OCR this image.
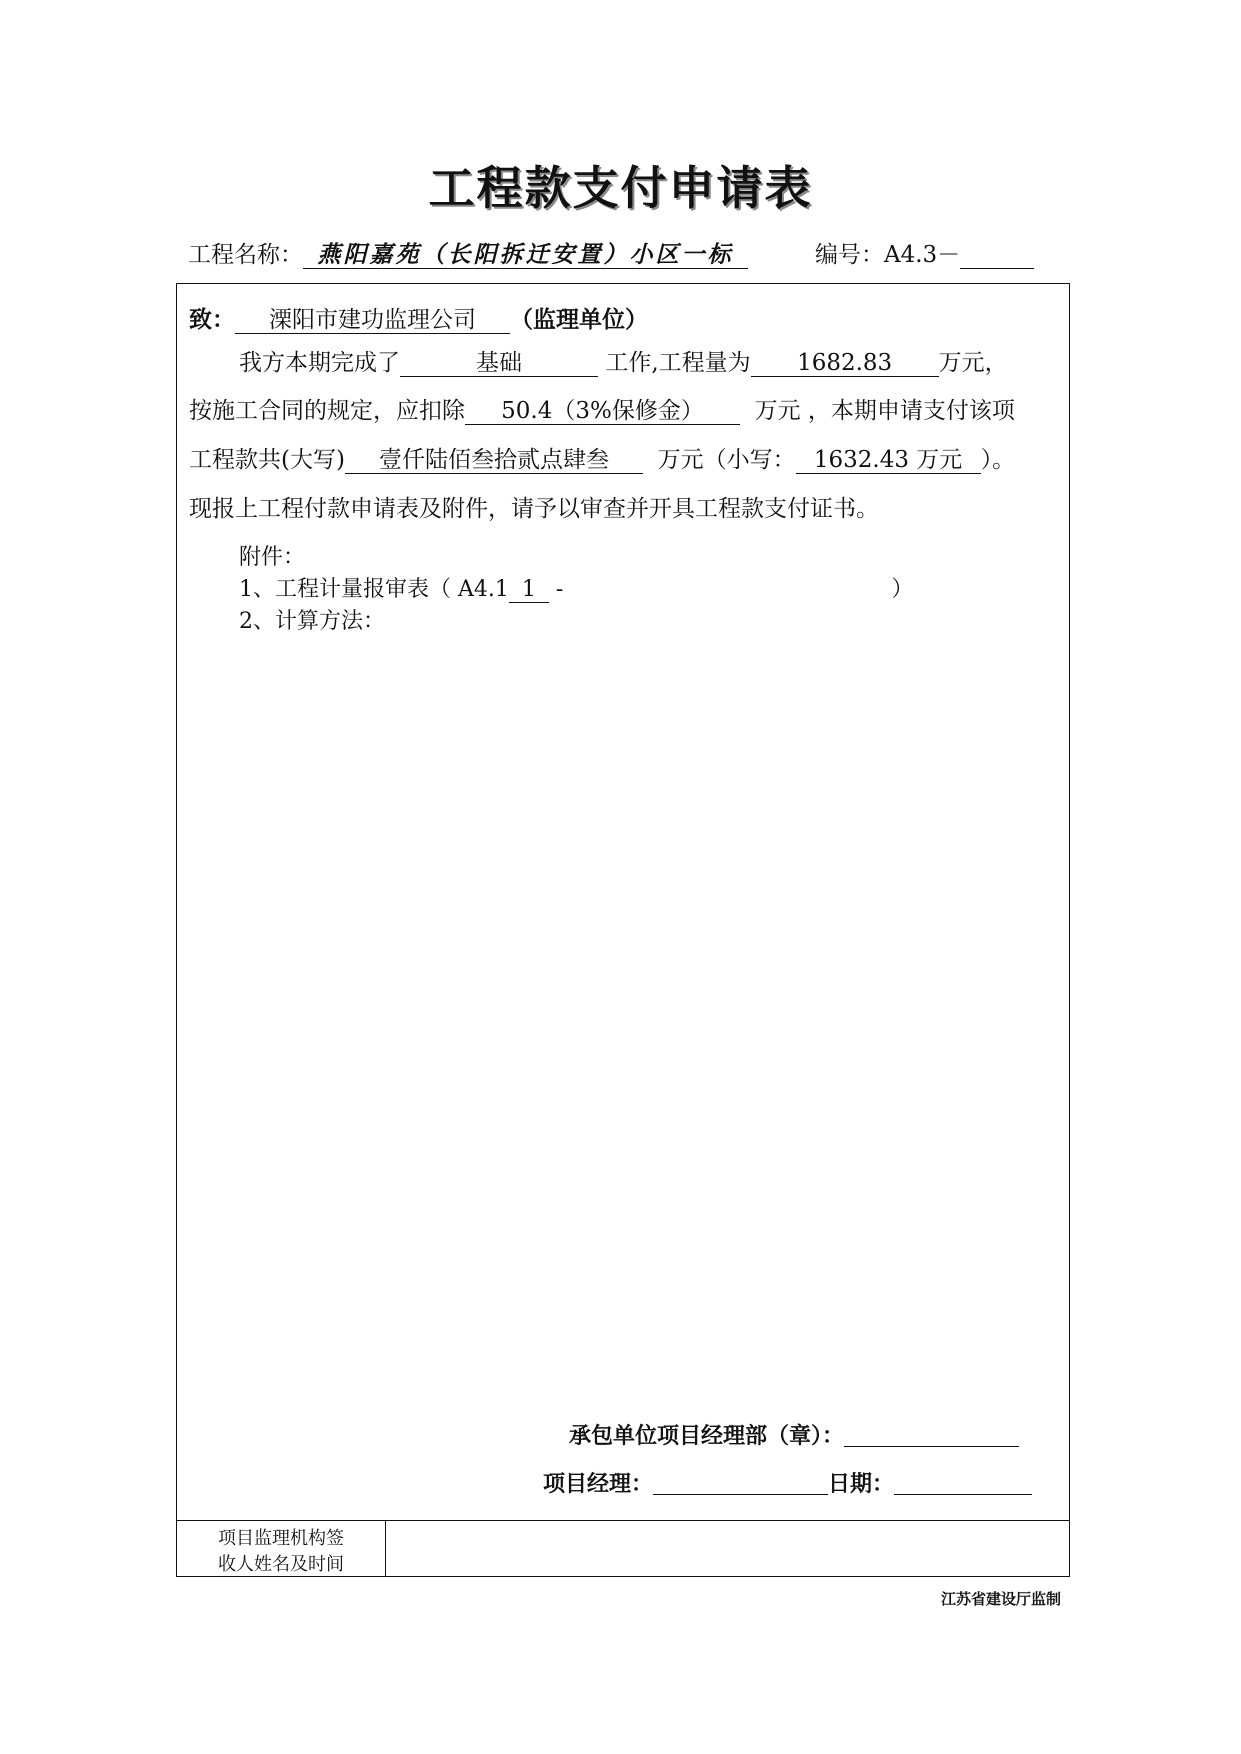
工程款支付申请表
工程名称： 燕阳嘉苑（长阳拆迁安置）小区一标	编号：A4.3－
致： 溧阳市建功监理公司 （监理单位）
我方本期完成了	基础	工作,工程量为 1682.83 万元，
按施工合同的规定，应扣除 50.4（3%保修金） 万元 ，本期申请支付该项
工程款共(大写) 壹仟陆佰叁拾贰点肆叁 万元（小写： 1632.43 万元 ）。
现报上工程付款申请表及附件，请予以审查并开具工程款支付证书。
附件：
1、工程计量报审表（ A4.1 1 -	）
2、计算方法：
承包单位项目经理部（章）：
项目经理：	日期：
项目监理机构签
收人姓名及时间
江苏省建设厅监制
